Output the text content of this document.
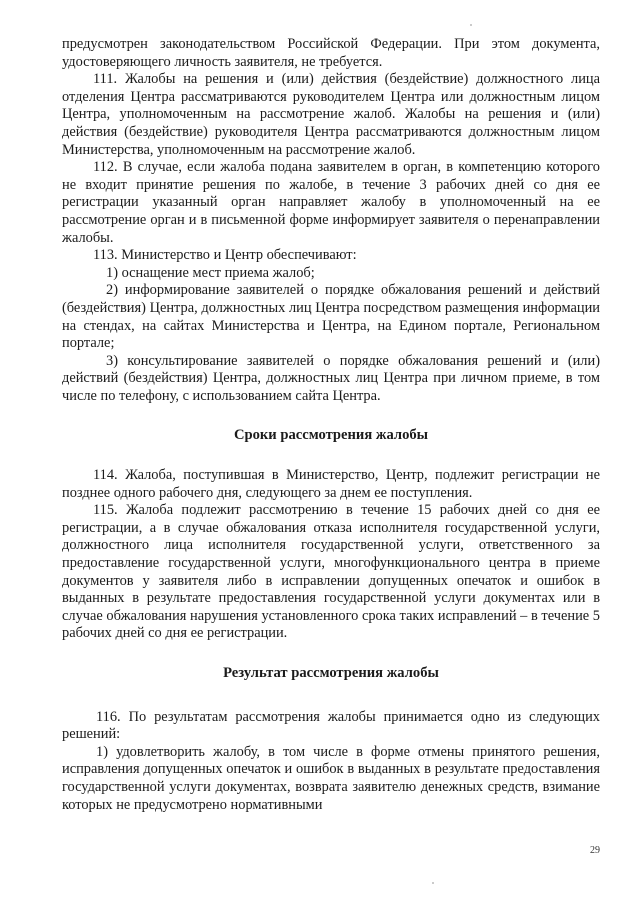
предусмотрен законодательством Российской Федерации. При этом документа, удостоверяющего личность заявителя, не требуется.

111. Жалобы на решения и (или) действия (бездействие) должностного лица отделения Центра рассматриваются руководителем Центра или должностным лицом Центра, уполномоченным на рассмотрение жалоб. Жалобы на решения и (или) действия (бездействие) руководителя Центра рассматриваются должностным лицом Министерства, уполномоченным на рассмотрение жалоб.

112. В случае, если жалоба подана заявителем в орган, в компетенцию которого не входит принятие решения по жалобе, в течение 3 рабочих дней со дня ее регистрации указанный орган направляет жалобу в уполномоченный на ее рассмотрение орган и в письменной форме информирует заявителя о перенаправлении жалобы.

113. Министерство и Центр обеспечивают:

1) оснащение мест приема жалоб;

2) информирование заявителей о порядке обжалования решений и действий (бездействия) Центра, должностных лиц Центра посредством размещения информации на стендах, на сайтах Министерства и Центра, на Едином портале, Региональном портале;

3) консультирование заявителей о порядке обжалования решений и (или) действий (бездействия) Центра, должностных лиц Центра при личном приеме, в том числе по телефону, с использованием сайта Центра.

Сроки рассмотрения жалобы

114. Жалоба, поступившая в Министерство, Центр, подлежит регистрации не позднее одного рабочего дня, следующего за днем ее поступления.

115. Жалоба подлежит рассмотрению в течение 15 рабочих дней со дня ее регистрации, а в случае обжалования отказа исполнителя государственной услуги, должностного лица исполнителя государственной услуги, ответственного за предоставление государственной услуги, многофункционального центра в приеме документов у заявителя либо в исправлении допущенных опечаток и ошибок в выданных в результате предоставления государственной услуги документах или в случае обжалования нарушения установленного срока таких исправлений – в течение 5 рабочих дней со дня ее регистрации.

Результат рассмотрения жалобы

116. По результатам рассмотрения жалобы принимается одно из следующих решений:

1) удовлетворить жалобу, в том числе в форме отмены принятого решения, исправления допущенных опечаток и ошибок в выданных в результате предоставления государственной услуги документах, возврата заявителю денежных средств, взимание которых не предусмотрено нормативными

29
